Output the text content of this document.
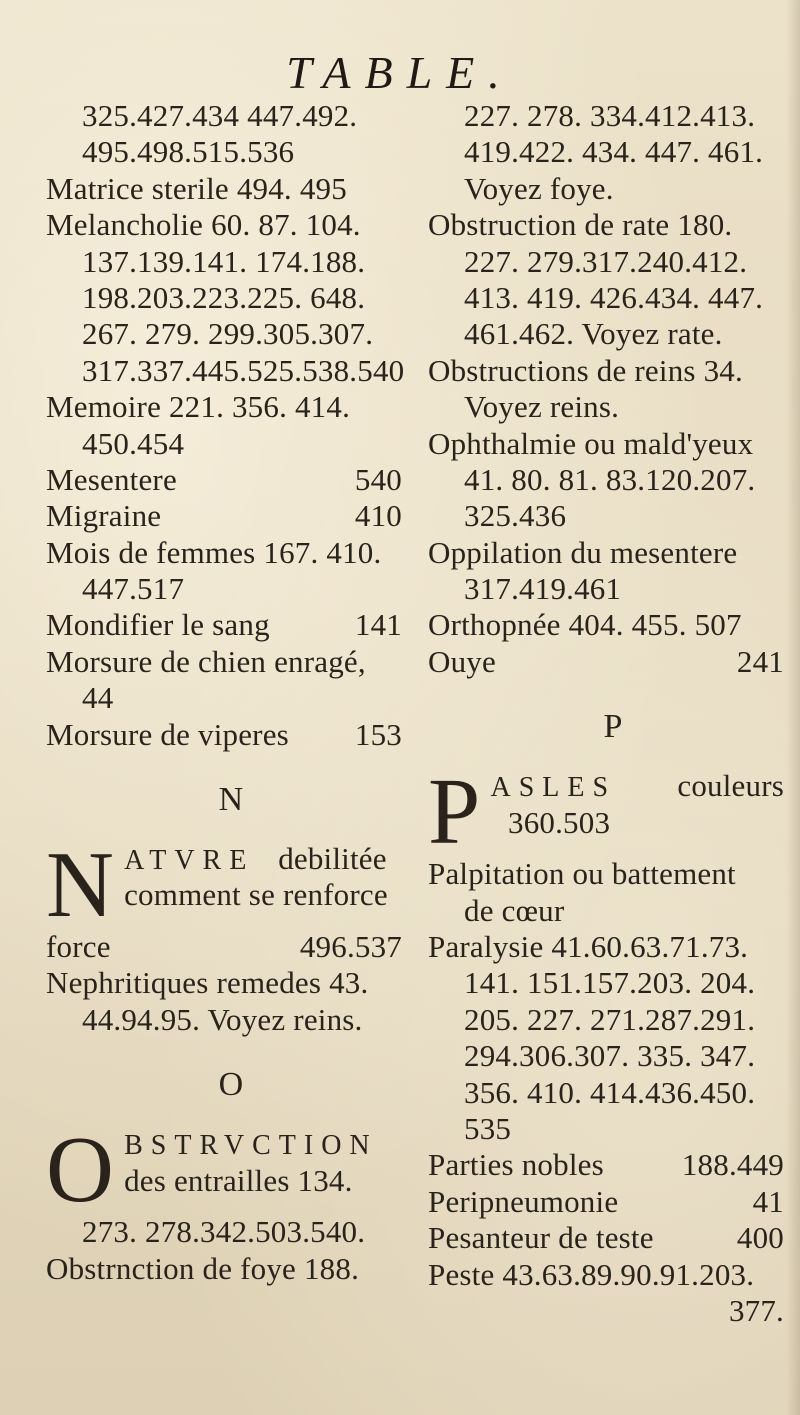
TABLE.
325.427.434 447.492.
495.498.515.536
Matrice sterile 494. 495
Melancholie 60. 87. 104.
137.139.141. 174.188.
198.203.223.225. 648.
267. 279. 299.305.307.
317.337.445.525.538.540
Memoire 221. 356. 414.
450.454
Mesentere	540
Migraine	410
Mois de femmes 167. 410.
447.517
Mondifier le sang	141
Morsure de chien enragé,
44
Morsure de viperes 153
N
N ATVRE debilitée
comment se renforce
force	496.537
Nephritiques remedes 43.
44.94.95. Voyez reins.
O
O BSTRVCTION
des entrailles 134.
273. 278.342.503.540.
Obstrnction de foye 188.
227. 278. 334.412.413.
419.422. 434. 447. 461.
Voyez foye.
Obstruction de rate 180.
227. 279.317.240.412.
413. 419. 426.434. 447.
461.462. Voyez rate.
Obstructions de reins 34.
Voyez reins.
Ophthalmie ou mald'yeux
41. 80. 81. 83.120.207.
325.436
Oppilation du mesentere
317.419.461
Orthopnée 404. 455. 507
Ouye	241
P
P ASLES couleurs
360.503
Palpitation ou battement
de cœur
Paralysie 41.60.63.71.73.
141. 151.157.203. 204.
205. 227. 271.287.291.
294.306.307. 335. 347.
356. 410. 414.436.450.
535
Parties nobles	188.449
Peripneumonie	41
Pesanteur de teste	400
Peste 43.63.89.90.91.203.
377.
